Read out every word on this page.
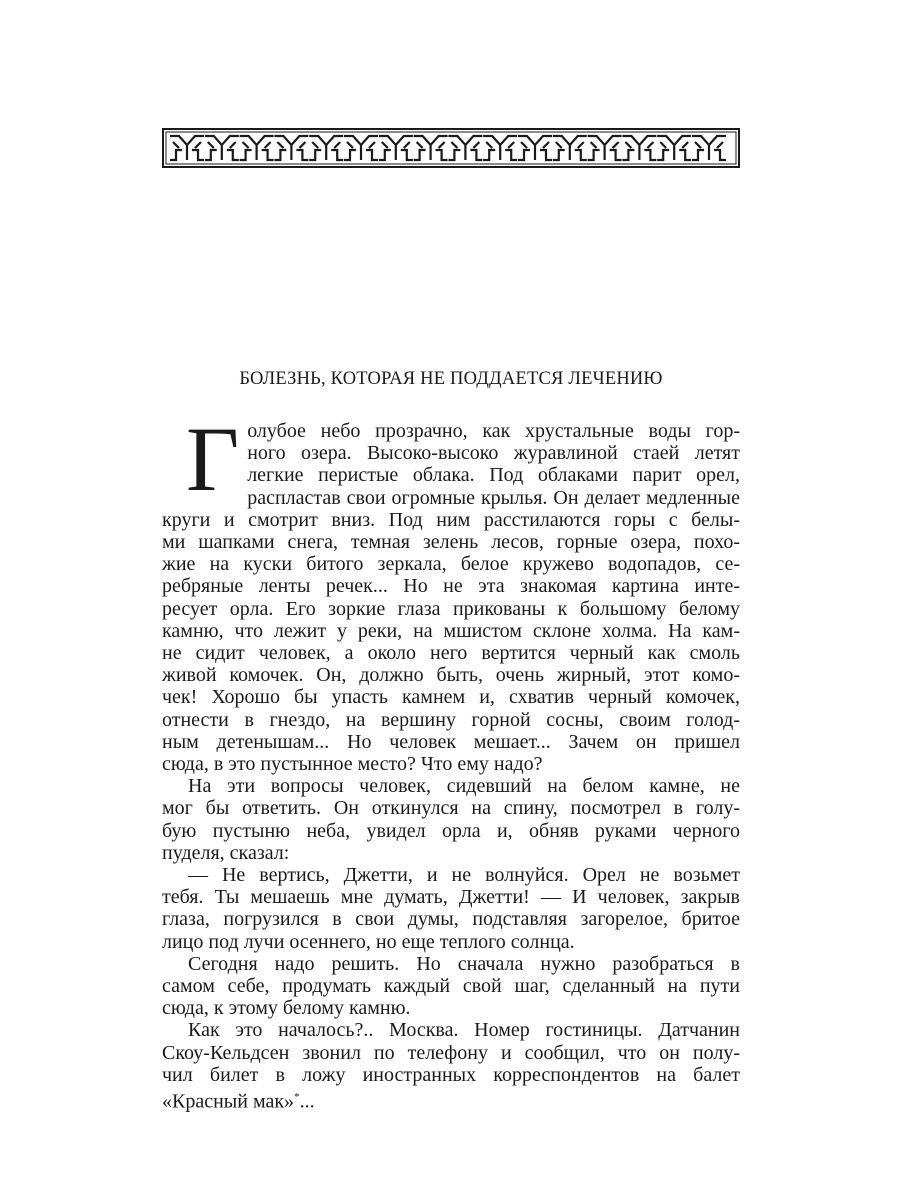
БОЛЕЗНЬ, КОТОРАЯ НЕ ПОДДАЕТСЯ ЛЕЧЕНИЮ

Г олубое небо прозрачно, как хрустальные воды гор-
ного озера. Высоко-высоко журавлиной стаей летят
легкие перистые облака. Под облаками парит орел,
распластав свои огромные крылья. Он делает медленные
круги и смотрит вниз. Под ним расстилаются горы с белы-
ми шапками снега, темная зелень лесов, горные озера, похо-
жие на куски битого зеркала, белое кружево водопадов, се-
ребряные ленты речек... Но не эта знакомая картина инте-
ресует орла. Его зоркие глаза прикованы к большому белому
камню, что лежит у реки, на мшистом склоне холма. На кам-
не сидит человек, а около него вертится черный как смоль
живой комочек. Он, должно быть, очень жирный, этот комо-
чек! Хорошо бы упасть камнем и, схватив черный комочек,
отнести в гнездо, на вершину горной сосны, своим голод-
ным детенышам... Но человек мешает... Зачем он пришел
сюда, в это пустынное место? Что ему надо?

На эти вопросы человек, сидевший на белом камне, не
мог бы ответить. Он откинулся на спину, посмотрел в голу-
бую пустыню неба, увидел орла и, обняв руками черного
пуделя, сказал:

— Не вертись, Джетти, и не волнуйся. Орел не возьмет
тебя. Ты мешаешь мне думать, Джетти! — И человек, закрыв
глаза, погрузился в свои думы, подставляя загорелое, бритое
лицо под лучи осеннего, но еще теплого солнца.

Сегодня надо решить. Но сначала нужно разобраться в
самом себе, продумать каждый свой шаг, сделанный на пути
сюда, к этому белому камню.

Как это началось?.. Москва. Номер гостиницы. Датчанин
Скоу-Кельдсен звонил по телефону и сообщил, что он полу-
чил билет в ложу иностранных корреспондентов на балет
«Красный мак»*...
